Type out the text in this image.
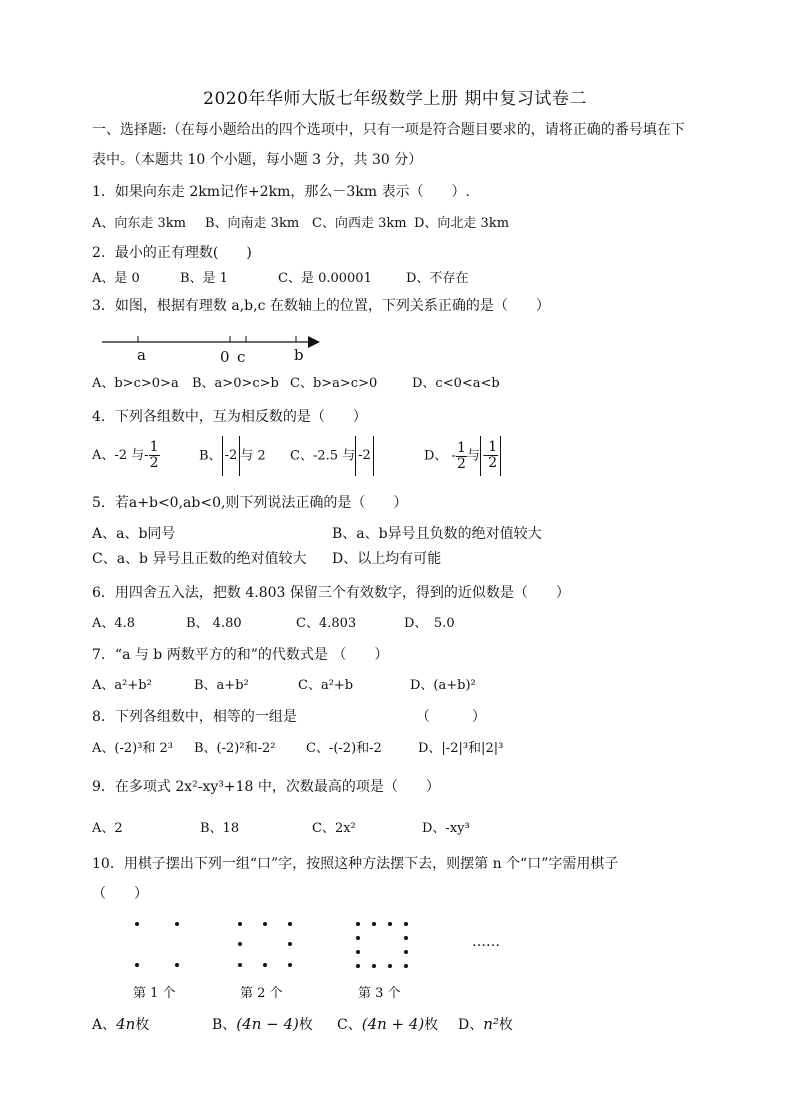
2020年华师大版七年级数学上册 期中复习试卷二
一、选择题:（在每小题给出的四个选项中，只有一项是符合题目要求的，请将正确的番号填在下
表中。（本题共 10 个小题，每小题 3 分，共 30 分）
1．如果向东走 2km记作+2km，那么－3km 表示（　　）.
A、向东走 3km B、向南走 3km C、向西走 3km D、向北走 3km
2．最小的正有理数(　　)
A、是 0	B、是 1	C、是 0.00001	D、不存在
3．如图，根据有理数 a,b,c 在数轴上的位置，下列关系正确的是（　　）
a	0 c	b
A、b>c>0>a B、a>0>c>b C、b>a>c>0	D、c<0<a<b
4．下列各组数中，互为相反数的是（　　）
A、-2 与- $\frac{1}{2}$	B、 -2 与 2 C、-2.5 与 -2	D、 - $\frac{1}{2}$ 与 - $\frac{1}{2}$
5．若a+b<0,ab<0,则下列说法正确的是（　　）
A、a、b同号	B、a、b异号且负数的绝对值较大
C、a、b 异号且正数的绝对值较大 D、以上均有可能
6．用四舍五入法，把数 4.803 保留三个有效数字，得到的近似数是（　　）
A、4.8	B、 4.80	C、4.803	D、　5.0
7．“a 与 b 两数平方的和”的代数式是 （　　）
A、a²+b²	B、a+b²	C、a²+b	D、(a+b)²
8．下列各组数中，相等的一组是　　　　　　　　　（　　　）
A、(-2)³和 2³ B、(-2)²和-2² C、-(-2)和-2	D、|-2|³和|2|³
9．在多项式 2x²-xy³+18 中，次数最高的项是（　　）
A、2	B、18	C、2x²	D、-xy³
10．用棋子摆出下列一组“口”字，按照这种方法摆下去，则摆第 n 个“口”字需用棋子
（　　）
……
第 1 个	第 2 个	第 3 个
A、4n枚	B、(4n − 4)枚 C、(4n + 4)枚 D、n²枚
